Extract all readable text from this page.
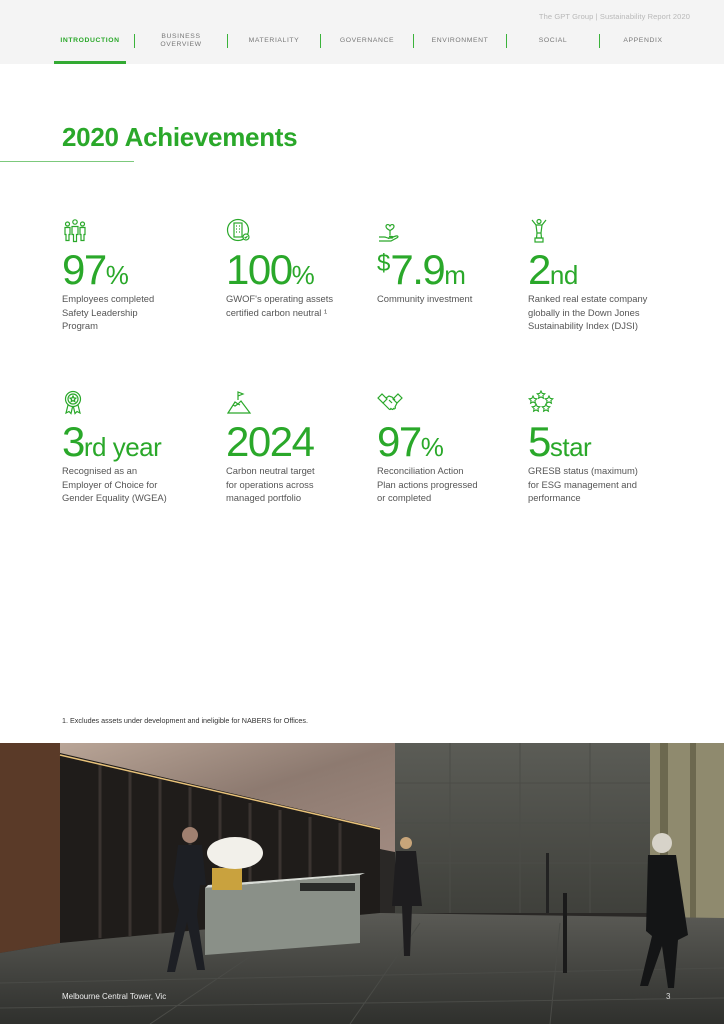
The GPT Group | Sustainability Report 2020
INTRODUCTION
BUSINESS
OVERVIEW
MATERIALITY	GOVERNANCE	ENVIRONMENT	SOCIAL	APPENDIX
2020 Achievements
97 %
Employees completed
Safety Leadership
Program
100 %
GWOF's operating assets
certified carbon neutral ¹
$ 7.9 m
Community investment
2 nd
Ranked real estate company
globally in the Down Jones
Sustainability Index (DJSI)
3 rd year
Recognised as an
Employer of Choice for
Gender Equality (WGEA)
2024
Carbon neutral target
for operations across
managed portfolio
97 %
Reconciliation Action
Plan actions progressed
or completed
5 star
GRESB status (maximum)
for ESG management and
performance
1. Excludes assets under development and ineligible for NABERS for Offices.
Melbourne Central Tower, Vic	3
